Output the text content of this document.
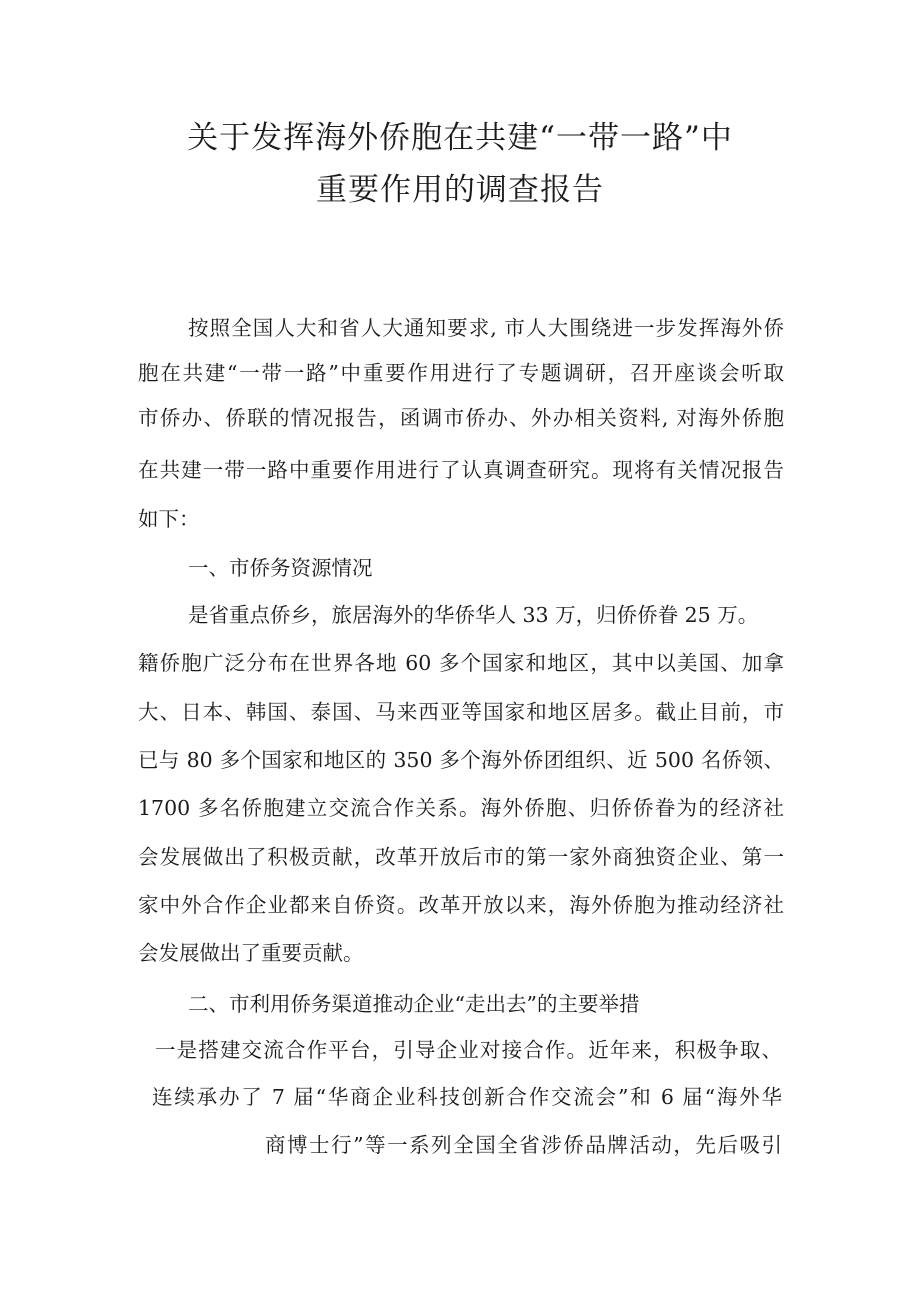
关于发挥海外侨胞在共建“一带一路”中
重要作用的调查报告

按照全国人大和省人大通知要求, 市人大围绕进一步发挥海外侨

胞在共建“一带一路”中重要作用进行了专题调研，召开座谈会听取

市侨办、侨联的情况报告，函调市侨办、外办相关资料, 对海外侨胞

在共建一带一路中重要作用进行了认真调查研究。现将有关情况报告

如下：

一、市侨务资源情况

是省重点侨乡，旅居海外的华侨华人 33 万，归侨侨眷 25 万。

籍侨胞广泛分布在世界各地 60 多个国家和地区，其中以美国、加拿

大、日本、韩国、泰国、马来西亚等国家和地区居多。截止目前，市

已与 80 多个国家和地区的 350 多个海外侨团组织、近 500 名侨领、

1700 多名侨胞建立交流合作关系。海外侨胞、归侨侨眷为的经济社

会发展做出了积极贡献，改革开放后市的第一家外商独资企业、第一

家中外合作企业都来自侨资。改革开放以来，海外侨胞为推动经济社

会发展做出了重要贡献。

二、市利用侨务渠道推动企业“走出去”的主要举措

一是搭建交流合作平台，引导企业对接合作。近年来，积极争取、

连续承办了 7 届“华商企业科技创新合作交流会”和 6 届“海外华

商博士行”等一系列全国全省涉侨品牌活动，先后吸引
